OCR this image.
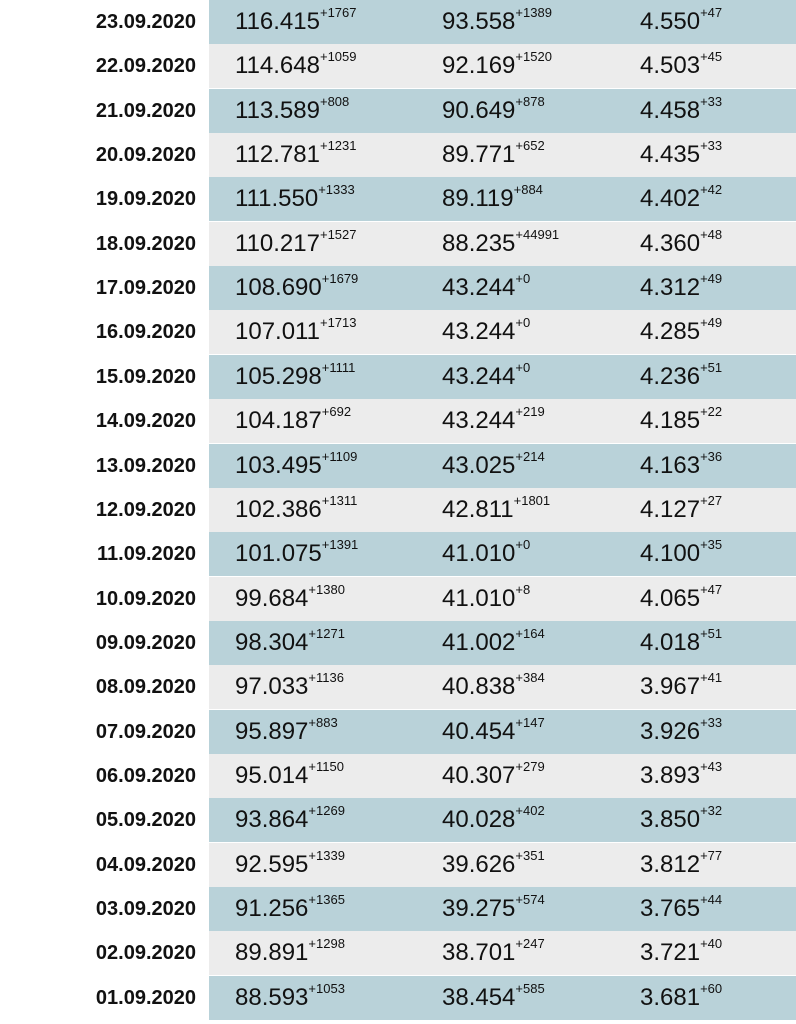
23.09.2020 $116.415^{+1767}$	$93.558^{+1389}$	$4.550^{+47}$
22.09.2020 $114.648^{+1059}$	$92.169^{+1520}$	$4.503^{+45}$
21.09.2020 $113.589^{+808}$	$90.649^{+878}$	$4.458^{+33}$
20.09.2020 $112.781^{+1231}$	$89.771^{+652}$	$4.435^{+33}$
19.09.2020 $111.550^{+1333}$	$89.119^{+884}$	$4.402^{+42}$
18.09.2020 $110.217^{+1527}$	$88.235^{+44991}$	$4.360^{+48}$
17.09.2020 $108.690^{+1679}$	$43.244^{+0}$	$4.312^{+49}$
16.09.2020 $107.011^{+1713}$	$43.244^{+0}$	$4.285^{+49}$
15.09.2020 $105.298^{+1111}$	$43.244^{+0}$	$4.236^{+51}$
14.09.2020 $104.187^{+692}$	$43.244^{+219}$	$4.185^{+22}$
13.09.2020 $103.495^{+1109}$	$43.025^{+214}$	$4.163^{+36}$
12.09.2020 $102.386^{+1311}$	$42.811^{+1801}$	$4.127^{+27}$
11.09.2020 $101.075^{+1391}$	$41.010^{+0}$	$4.100^{+35}$
10.09.2020 $99.684^{+1380}$	$41.010^{+8}$	$4.065^{+47}$
09.09.2020 $98.304^{+1271}$	$41.002^{+164}$	$4.018^{+51}$
08.09.2020 $97.033^{+1136}$	$40.838^{+384}$	$3.967^{+41}$
07.09.2020 $95.897^{+883}$	$40.454^{+147}$	$3.926^{+33}$
06.09.2020 $95.014^{+1150}$	$40.307^{+279}$	$3.893^{+43}$
05.09.2020 $93.864^{+1269}$	$40.028^{+402}$	$3.850^{+32}$
04.09.2020 $92.595^{+1339}$	$39.626^{+351}$	$3.812^{+77}$
03.09.2020 $91.256^{+1365}$	$39.275^{+574}$	$3.765^{+44}$
02.09.2020 $89.891^{+1298}$	$38.701^{+247}$	$3.721^{+40}$
01.09.2020 $88.593^{+1053}$	$38.454^{+585}$	$3.681^{+60}$
